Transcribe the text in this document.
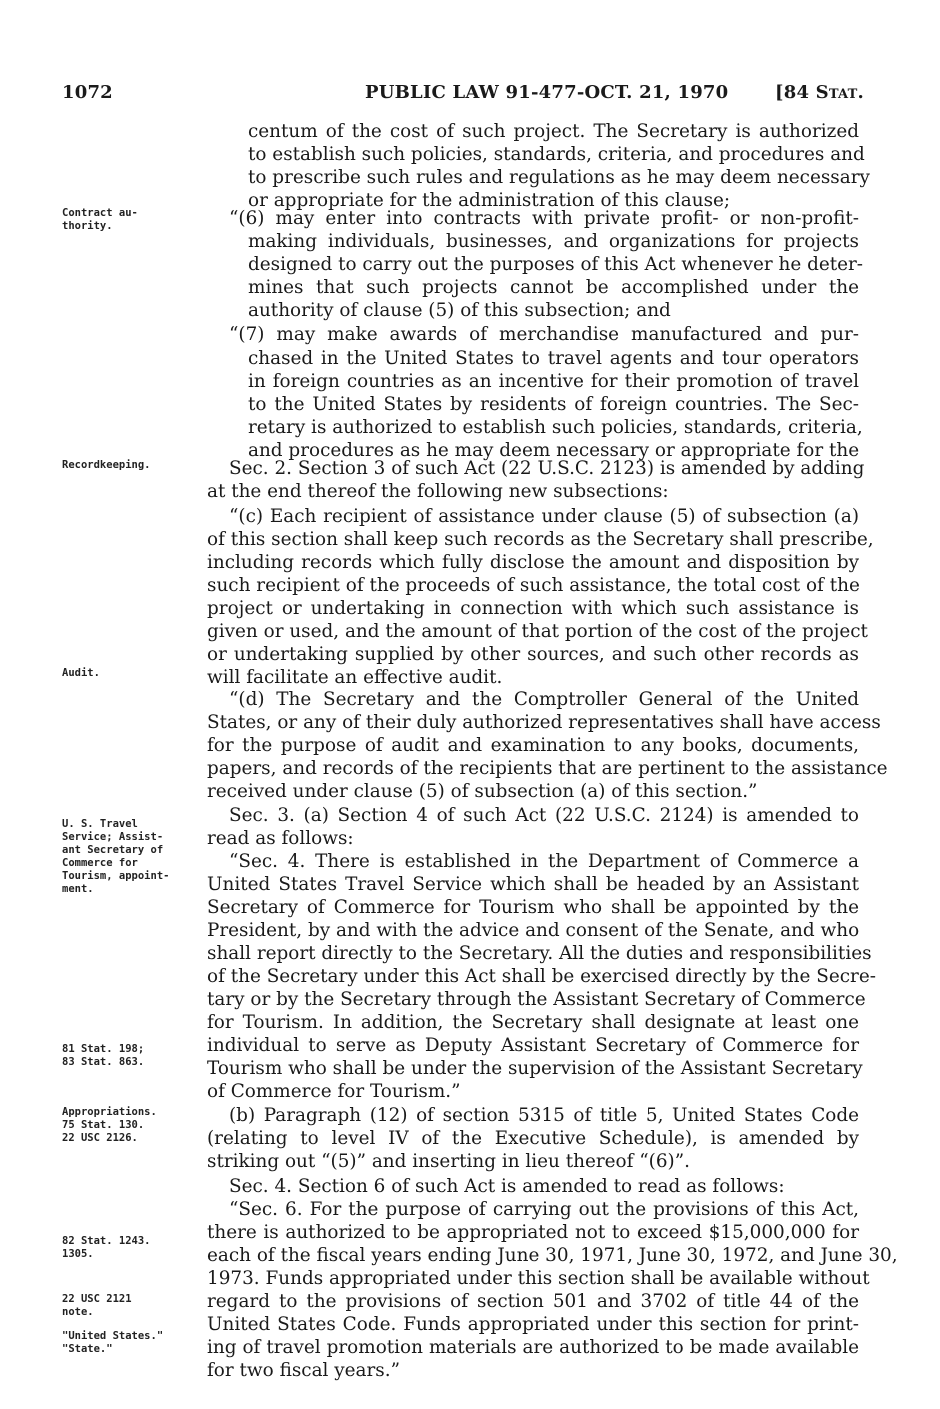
1072	PUBLIC LAW 91-477-OCT. 21, 1970	[84 Stat.
Contract au-
thority.
Recordkeeping.
Audit.
U. S. Travel
Service; Assist-
ant Secretary of
Commerce for
Tourism, appoint-
ment.
81 Stat. 198;
83 Stat. 863.
Appropriations.
75 Stat. 130.
22 USC 2126.
82 Stat. 1243.
1305.
22 USC 2121
note.
"United States."
"State."
centum of the cost of such project. The Secretary is authorized
to establish such policies, standards, criteria, and procedures and
to prescribe such rules and regulations as he may deem necessary
or appropriate for the administration of this clause;
“(6) may enter into contracts with private profit- or non-profit-
making individuals, businesses, and organizations for projects
designed to carry out the purposes of this Act whenever he deter-
mines that such projects cannot be accomplished under the
authority of clause (5) of this subsection; and
“(7) may make awards of merchandise manufactured and pur-
chased in the United States to travel agents and tour operators
in foreign countries as an incentive for their promotion of travel
to the United States by residents of foreign countries. The Sec-
retary is authorized to establish such policies, standards, criteria,
and procedures as he may deem necessary or appropriate for the
Sec. 2. Section 3 of such Act (22 U.S.C. 2123) is amended by adding
at the end thereof the following new subsections:
“(c) Each recipient of assistance under clause (5) of subsection (a)
of this section shall keep such records as the Secretary shall prescribe,
including records which fully disclose the amount and disposition by
such recipient of the proceeds of such assistance, the total cost of the
project or undertaking in connection with which such assistance is
given or used, and the amount of that portion of the cost of the project
or undertaking supplied by other sources, and such other records as
will facilitate an effective audit.
“(d) The Secretary and the Comptroller General of the United
States, or any of their duly authorized representatives shall have access
for the purpose of audit and examination to any books, documents,
papers, and records of the recipients that are pertinent to the assistance
received under clause (5) of subsection (a) of this section.”
Sec. 3. (a) Section 4 of such Act (22 U.S.C. 2124) is amended to
read as follows:
“Sec. 4. There is established in the Department of Commerce a
United States Travel Service which shall be headed by an Assistant
Secretary of Commerce for Tourism who shall be appointed by the
President, by and with the advice and consent of the Senate, and who
shall report directly to the Secretary. All the duties and responsibilities
of the Secretary under this Act shall be exercised directly by the Secre-
tary or by the Secretary through the Assistant Secretary of Commerce
for Tourism. In addition, the Secretary shall designate at least one
individual to serve as Deputy Assistant Secretary of Commerce for
Tourism who shall be under the supervision of the Assistant Secretary
of Commerce for Tourism.”
(b) Paragraph (12) of section 5315 of title 5, United States Code
(relating to level IV of the Executive Schedule), is amended by
striking out “(5)” and inserting in lieu thereof “(6)”.
Sec. 4. Section 6 of such Act is amended to read as follows:
“Sec. 6. For the purpose of carrying out the provisions of this Act,
there is authorized to be appropriated not to exceed $15,000,000 for
each of the fiscal years ending June 30, 1971, June 30, 1972, and June 30,
1973. Funds appropriated under this section shall be available without
regard to the provisions of section 501 and 3702 of title 44 of the
United States Code. Funds appropriated under this section for print-
ing of travel promotion materials are authorized to be made available
for two fiscal years.”
